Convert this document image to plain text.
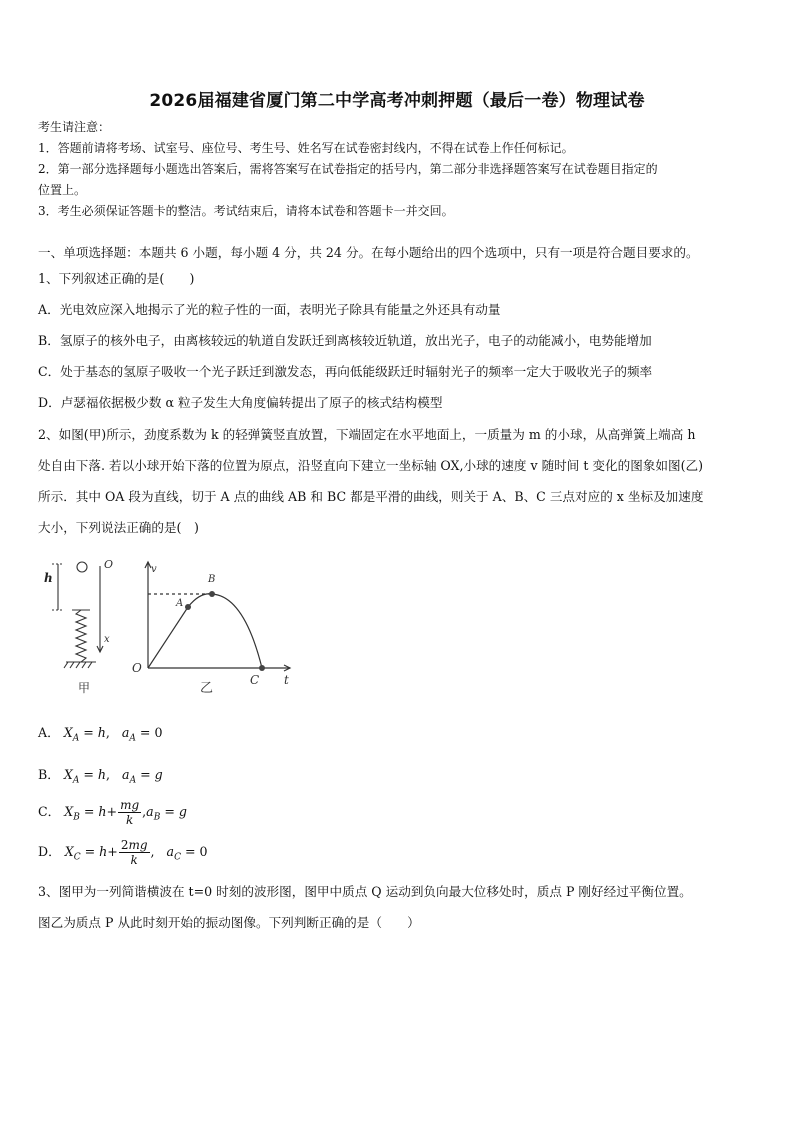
2026届福建省厦门第二中学高考冲刺押题（最后一卷）物理试卷
考生请注意：
1．答题前请将考场、试室号、座位号、考生号、姓名写在试卷密封线内，不得在试卷上作任何标记。
2．第一部分选择题每小题选出答案后，需将答案写在试卷指定的括号内，第二部分非选择题答案写在试卷题目指定的
位置上。
3．考生必须保证答题卡的整洁。考试结束后，请将本试卷和答题卡一并交回。
一、单项选择题：本题共 6 小题，每小题 4 分，共 24 分。在每小题给出的四个选项中，只有一项是符合题目要求的。
1、下列叙述正确的是(　　)
A．光电效应深入地揭示了光的粒子性的一面，表明光子除具有能量之外还具有动量
B．氢原子的核外电子，由离核较远的轨道自发跃迁到离核较近轨道，放出光子，电子的动能减小，电势能增加
C．处于基态的氢原子吸收一个光子跃迁到激发态，再向低能级跃迁时辐射光子的频率一定大于吸收光子的频率
D．卢瑟福依据极少数 α 粒子发生大角度偏转提出了原子的核式结构模型
2、如图(甲)所示，劲度系数为 k 的轻弹簧竖直放置，下端固定在水平地面上，一质量为 m 的小球，从高弹簧上端高 h
处自由下落. 若以小球开始下落的位置为原点，沿竖直向下建立一坐标轴 OX,小球的速度 v 随时间 t 变化的图象如图(乙)
所示．其中 OA 段为直线，切于 A 点的曲线 AB 和 BC 都是平滑的曲线，则关于 A、B、C 三点对应的 x 坐标及加速度
大小，下列说法正确的是(　)
h
O
x
甲
v
A
B
C
O
t
乙
A． $X_A = h$,   $a_A = 0$
B． $X_A = h$,   $a_A = g$
C． $X_B = h+ \frac{mg}{k} ,a_B = g$
D． $X_C = h+ \frac{2mg}{k}$ ,   $a_C = 0$
3、图甲为一列简谐横波在 t=0 时刻的波形图，图甲中质点 Q 运动到负向最大位移处时，质点 P 刚好经过平衡位置。
图乙为质点 P 从此时刻开始的振动图像。下列判断正确的是（　　）
